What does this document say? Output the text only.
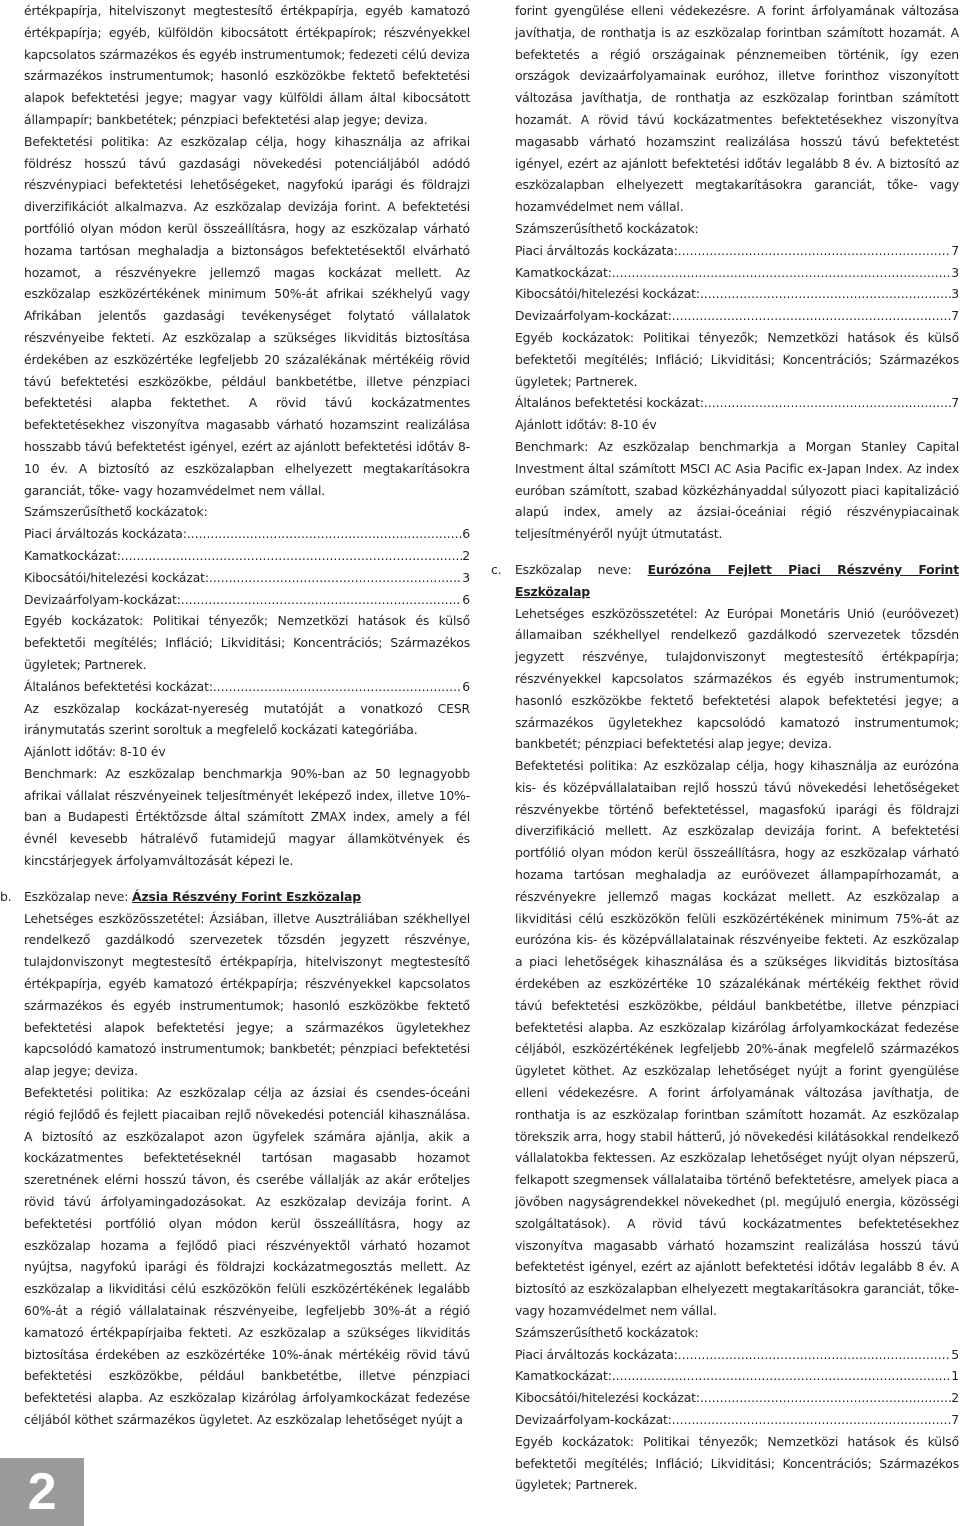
értékpapírja, hitelviszonyt megtestesítő értékpapírja, egyéb kamatozó értékpapírja; egyéb, külföldön kibocsátott értékpapírok; részvényekkel kapcsolatos származékos és egyéb instrumentumok; fedezeti célú deviza származékos instrumentumok; hasonló eszközökbe fektető befektetési alapok befektetési jegye; magyar vagy külföldi állam által kibocsátott állampapír; bankbetétek; pénzpiaci befektetési alap jegye; deviza.

Befektetési politika: Az eszközalap célja, hogy kihasználja az afrikai földrész hosszú távú gazdasági növekedési potenciáljából adódó részvénypiaci befektetési lehetőségeket, nagyfokú iparági és földrajzi diverzifikációt alkalmazva. Az eszközalap devizája forint. A befektetési portfólió olyan módon kerül összeállításra, hogy az eszközalap várható hozama tartósan meghaladja a biztonságos befektetésektől elvárható hozamot, a részvényekre jellemző magas kockázat mellett. Az eszközalap eszközértékének minimum 50%-át afrikai székhelyű vagy Afrikában jelentős gazdasági tevékenységet folytató vállalatok részvényeibe fekteti. Az eszközalap a szükséges likviditás biztosítása érdekében az eszközértéke legfeljebb 20 százalékának mértékéig rövid távú befektetési eszközökbe, például bankbetétbe, illetve pénzpiaci befektetési alapba fektethet. A rövid távú kockázatmentes befektetésekhez viszonyítva magasabb várható hozamszint realizálása hosszabb távú befektetést igényel, ezért az ajánlott befektetési időtáv 8-10 év. A biztosító az eszközalapban elhelyezett megtakarításokra garanciát, tőke- vagy hozamvédelmet nem vállal.

Számszerűsíthető kockázatok:
Piaci árváltozás kockázata: .....	6
Kamatkockázat: .....	2
Kibocsátói/hitelezési kockázat: .....	3
Devizaárfolyam-kockázat: .....	6

Egyéb kockázatok: Politikai tényezők; Nemzetközi hatások és külső befektetői megítélés; Infláció; Likviditási; Koncentrációs; Származékos ügyletek; Partnerek.

Általános befektetési kockázat: .....	6

Az eszközalap kockázat-nyereség mutatóját a vonatkozó CESR iránymutatás szerint soroltuk a megfelelő kockázati kategóriába.

Ajánlott időtáv: 8-10 év

Benchmark: Az eszközalap benchmarkja 90%-ban az 50 legnagyobb afrikai vállalat részvényeinek teljesítményét leképező index, illetve 10%-ban a Budapesti Értéktőzsde által számított ZMAX index, amely a fél évnél kevesebb hátralévő futamidejű magyar államkötvények és kincstárjegyek árfolyamváltozását képezi le.

b. Eszközalap neve: Ázsia Részvény Forint Eszközalap

Lehetséges eszközösszetétel: Ázsiában, illetve Ausztráliában székhellyel rendelkező gazdálkodó szervezetek tőzsdén jegyzett részvénye, tulajdonviszonyt megtestesítő értékpapírja, hitelviszonyt megtestesítő értékpapírja, egyéb kamatozó értékpapírja; részvényekkel kapcsolatos származékos és egyéb instrumentumok; hasonló eszközökbe fektető befektetési alapok befektetési jegye; a származékos ügyletekhez kapcsolódó kamatozó instrumentumok; bankbetét; pénzpiaci befektetési alap jegye; deviza.

Befektetési politika: Az eszközalap célja az ázsiai és csendes-óceáni régió fejlődő és fejlett piacaiban rejlő növekedési potenciál kihasználása. A biztosító az eszközalapot azon ügyfelek számára ajánlja, akik a kockázatmentes befektetéseknél tartósan magasabb hozamot szeretnének elérni hosszú távon, és cserébe vállalják az akár erőteljes rövid távú árfolyamingadozásokat. Az eszközalap devizája forint. A befektetési portfólió olyan módon kerül összeállításra, hogy az eszközalap hozama a fejlődő piaci részvényektől várható hozamot nyújtsa, nagyfokú iparági és földrajzi kockázatmegosztás mellett. Az eszközalap a likviditási célú eszközökön felüli eszközértékének legalább 60%-át a régió vállalatainak részvényeibe, legfeljebb 30%-át a régió kamatozó értékpapírjaiba fekteti. Az eszközalap a szükséges likviditás biztosítása érdekében az eszközértéke 10%-ának mértékéig rövid távú befektetési eszközökbe, például bankbetétbe, illetve pénzpiaci befektetési alapba. Az eszközalap kizárólag árfolyamkockázat fedezése céljából köthet származékos ügyletet. Az eszközalap lehetőséget nyújt a

forint gyengülése elleni védekezésre. A forint árfolyamának változása javíthatja, de ronthatja is az eszközalap forintban számított hozamát. A befektetés a régió országainak pénznemeiben történik, így ezen országok devizaárfolyamainak euróhoz, illetve forinthoz viszonyított változása javíthatja, de ronthatja az eszközalap forintban számított hozamát. A rövid távú kockázatmentes befektetésekhez viszonyítva magasabb várható hozamszint realizálása hosszú távú befektetést igényel, ezért az ajánlott befektetési időtáv legalább 8 év. A biztosító az eszközalapban elhelyezett megtakarításokra garanciát, tőke- vagy hozamvédelmet nem vállal.

Számszerűsíthető kockázatok:
Piaci árváltozás kockázata: .....	7
Kamatkockázat: .....	3
Kibocsátói/hitelezési kockázat: .....	3
Devizaárfolyam-kockázat: .....	7

Egyéb kockázatok: Politikai tényezők; Nemzetközi hatások és külső befektetői megítélés; Infláció; Likviditási; Koncentrációs; Származékos ügyletek; Partnerek.

Általános befektetési kockázat: .....	7

Ajánlott időtáv: 8-10 év

Benchmark: Az eszközalap benchmarkja a Morgan Stanley Capital Investment által számított MSCI AC Asia Pacific ex-Japan Index. Az index euróban számított, szabad közkézhányaddal súlyozott piaci kapitalizáció alapú index, amely az ázsiai-óceániai régió részvénypiacainak teljesítményéről nyújt útmutatást.

c. Eszközalap neve: Eurózóna Fejlett Piaci Részvény Forint Eszközalap

Lehetséges eszközösszetétel: Az Európai Monetáris Unió (euróövezet) államaiban székhellyel rendelkező gazdálkodó szervezetek tőzsdén jegyzett részvénye, tulajdonviszonyt megtestesítő értékpapírja; részvényekkel kapcsolatos származékos és egyéb instrumentumok; hasonló eszközökbe fektető befektetési alapok befektetési jegye; a származékos ügyletekhez kapcsolódó kamatozó instrumentumok; bankbetét; pénzpiaci befektetési alap jegye; deviza.

Befektetési politika: Az eszközalap célja, hogy kihasználja az eurózóna kis- és középvállalataiban rejlő hosszú távú növekedési lehetőségeket részvényekbe történő befektetéssel, magasfokú iparági és földrajzi diverzifikáció mellett. Az eszközalap devizája forint. A befektetési portfólió olyan módon kerül összeállításra, hogy az eszközalap várható hozama tartósan meghaladja az euróövezet állampapírhozamát, a részvényekre jellemző magas kockázat mellett. Az eszközalap a likviditási célú eszközökön felüli eszközértékének minimum 75%-át az eurózóna kis- és középvállalatainak részvényeibe fekteti. Az eszközalap a piaci lehetőségek kihasználása és a szükséges likviditás biztosítása érdekében az eszközértéke 10 százalékának mértékéig fekthet rövid távú befektetési eszközökbe, például bankbetétbe, illetve pénzpiaci befektetési alapba. Az eszközalap kizárólag árfolyamkockázat fedezése céljából, eszközértékének legfeljebb 20%-ának megfelelő származékos ügyletet köthet. Az eszközalap lehetőséget nyújt a forint gyengülése elleni védekezésre. A forint árfolyamának változása javíthatja, de ronthatja is az eszközalap forintban számított hozamát. Az eszközalap törekszik arra, hogy stabil hátterű, jó növekedési kilátásokkal rendelkező vállalatokba fektessen. Az eszközalap lehetőséget nyújt olyan népszerű, felkapott szegmensek vállalataiba történő befektetésre, amelyek piaca a jövőben nagyságrendekkel növekedhet (pl. megújuló energia, közösségi szolgáltatások). A rövid távú kockázatmentes befektetésekhez viszonyítva magasabb várható hozamszint realizálása hosszú távú befektetést igényel, ezért az ajánlott befektetési időtáv legalább 8 év. A biztosító az eszközalapban elhelyezett megtakarításokra garanciát, tőke- vagy hozamvédelmet nem vállal.

Számszerűsíthető kockázatok:
Piaci árváltozás kockázata: .....	5
Kamatkockázat: .....	1
Kibocsátói/hitelezési kockázat: .....	2
Devizaárfolyam-kockázat: .....	7

Egyéb kockázatok: Politikai tényezők; Nemzetközi hatások és külső befektetői megítélés; Infláció; Likviditási; Koncentrációs; Származékos ügyletek; Partnerek.

2
